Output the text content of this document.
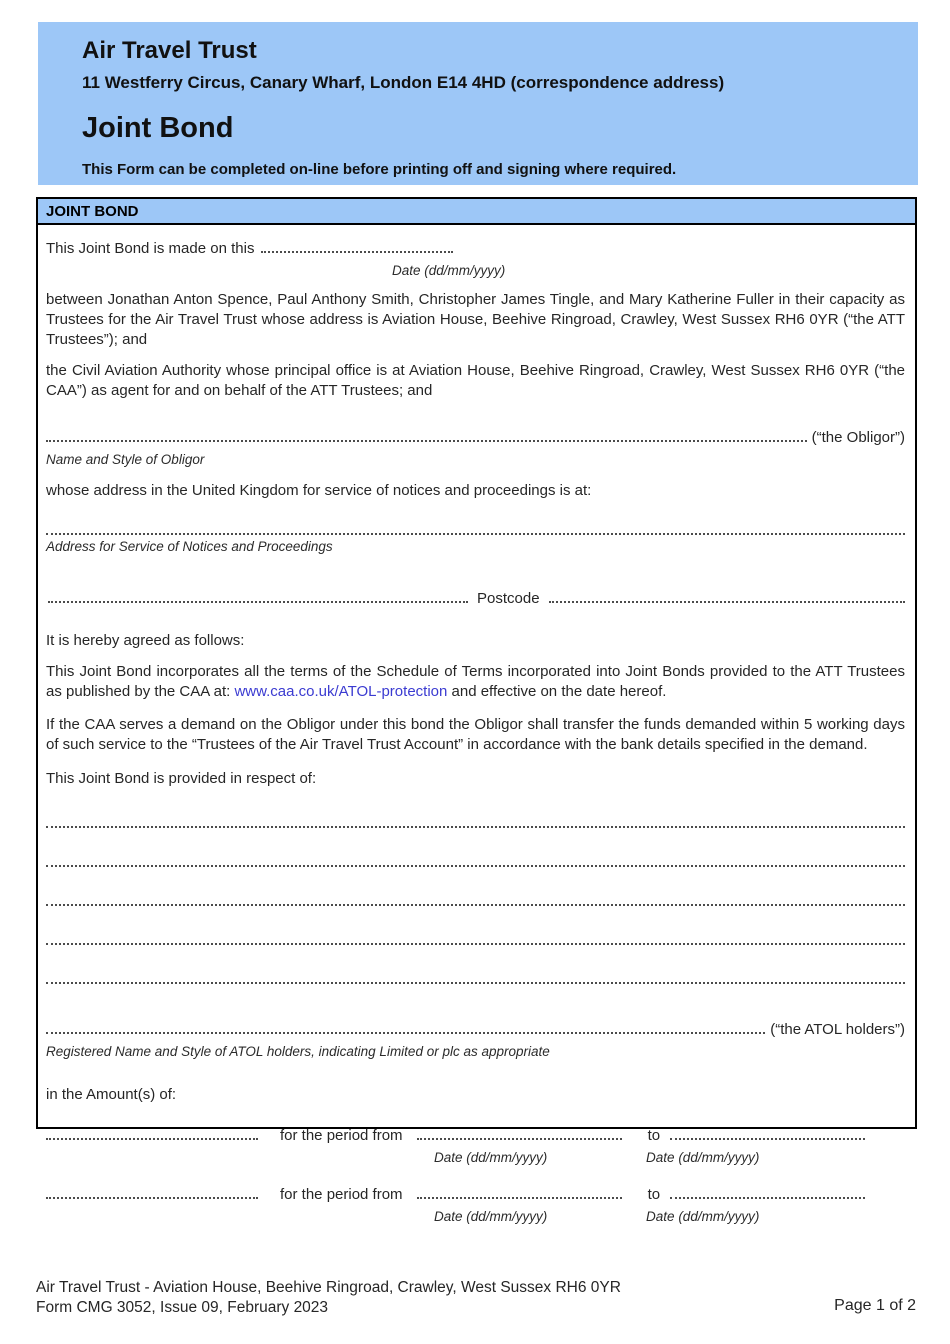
Air Travel Trust
11 Westferry Circus, Canary Wharf, London E14 4HD (correspondence address)
Joint Bond
This Form can be completed on-line before printing off and signing where required.
JOINT BOND
This Joint Bond is made on this
Date (dd/mm/yyyy)
between Jonathan Anton Spence, Paul Anthony Smith, Christopher James Tingle, and Mary Katherine Fuller in their capacity as Trustees for the Air Travel Trust whose address is Aviation House, Beehive Ringroad, Crawley, West Sussex RH6 0YR (“the ATT Trustees”); and
the Civil Aviation Authority whose principal office is at Aviation House, Beehive Ringroad, Crawley, West Sussex RH6 0YR (“the CAA”) as agent for and on behalf of the ATT Trustees; and
(“the Obligor”)
Name and Style of Obligor
whose address in the United Kingdom for service of notices and proceedings is at:
Address for Service of Notices and Proceedings
Postcode
It is hereby agreed as follows:
This Joint Bond incorporates all the terms of the Schedule of Terms incorporated into Joint Bonds provided to the ATT Trustees as published by the CAA at: www.caa.co.uk/ATOL-protection and effective on the date hereof.
If the CAA serves a demand on the Obligor under this bond the Obligor shall transfer the funds demanded within 5 working days of such service to the “Trustees of the Air Travel Trust Account” in accordance with the bank details specified in the demand.
This Joint Bond is provided in respect of:
(“the ATOL holders”)
Registered Name and Style of ATOL holders, indicating Limited or plc as appropriate
in the Amount(s) of:
for the period from	to
Date (dd/mm/yyyy)	Date (dd/mm/yyyy)
for the period from	to
Date (dd/mm/yyyy)	Date (dd/mm/yyyy)
Air Travel Trust - Aviation House, Beehive Ringroad, Crawley, West Sussex RH6 0YR
Form CMG 3052, Issue 09, February 2023	Page 1 of 2
